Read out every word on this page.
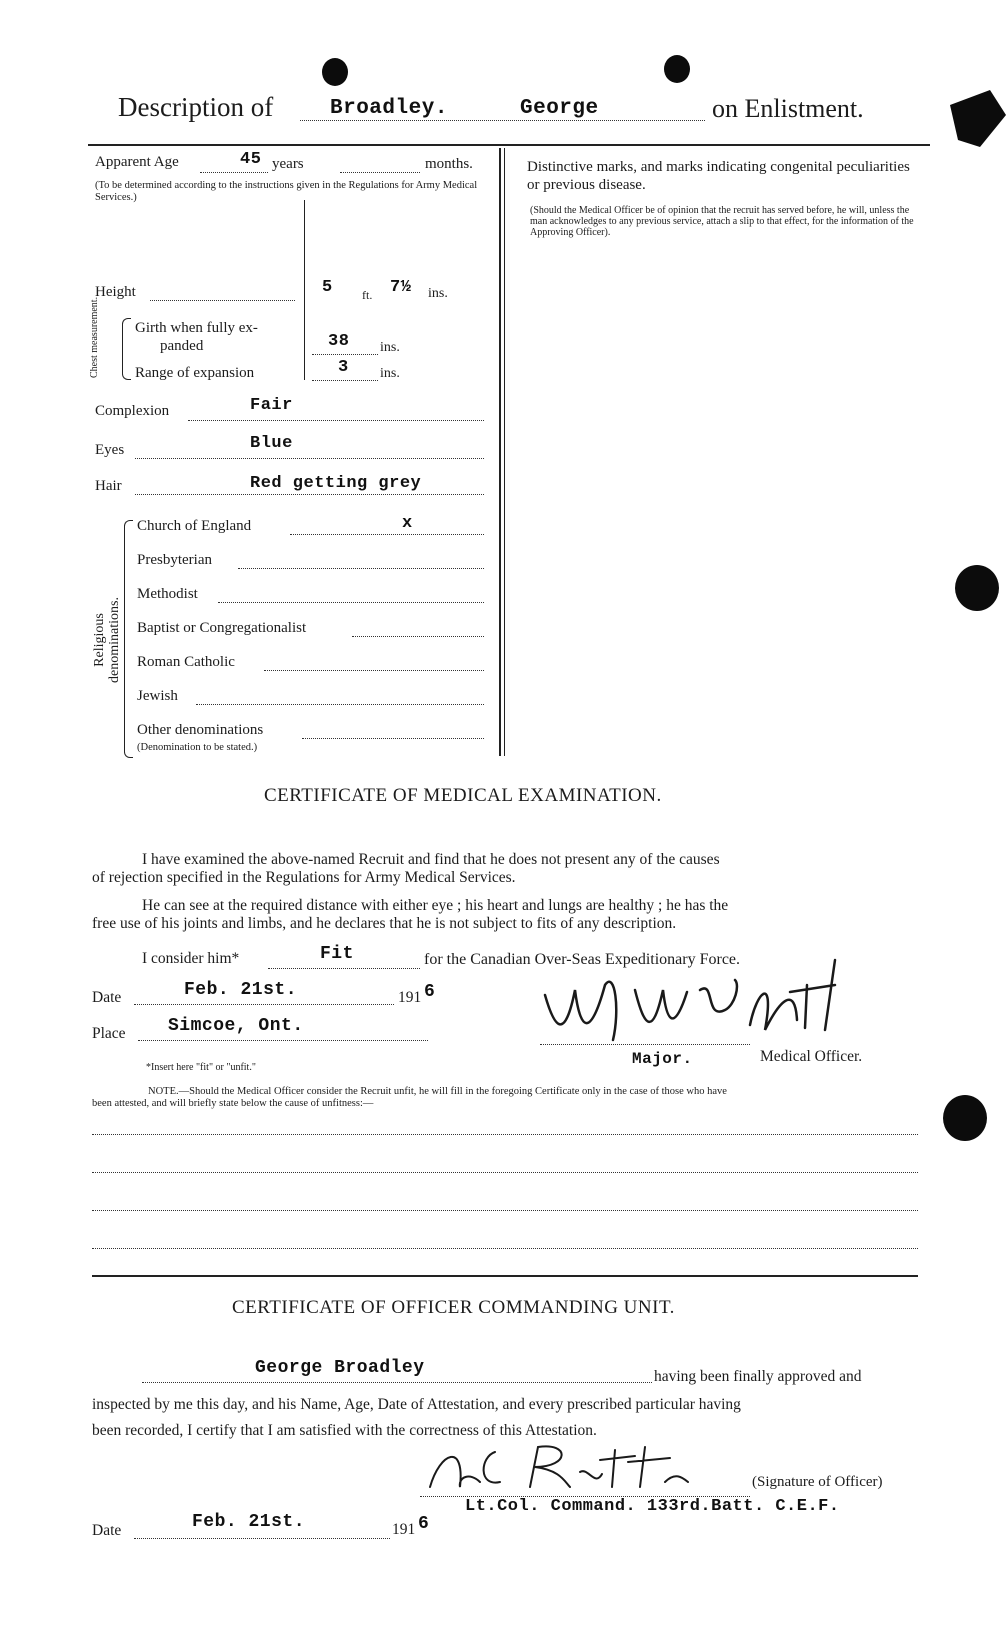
Description of	Broadley.	George	on Enlistment.
Apparent Age	45 years	months.
(To be determined according to the instructions given in the Regulations for Army Medical Services.)
Height	5 ft. 7½ ins.
Chest measurement. Girth when fully ex-
panded	38 ins.
Range of expansion	3 ins.
Complexion	Fair
Eyes	Blue
Hair	Red getting grey
Religious denominations.
Church of England	x
Presbyterian
Methodist
Baptist or Congregationalist
Roman Catholic
Jewish
Other denominations
(Denomination to be stated.)
Distinctive marks, and marks indicating congenital peculiarities or previous disease.
(Should the Medical Officer be of opinion that the recruit has served before, he will, unless the man acknowledges to any previous service, attach a slip to that effect, for the information of the Approving Officer).
CERTIFICATE OF MEDICAL EXAMINATION.
I have examined the above-named Recruit and find that he does not present any of the causes
of rejection specified in the Regulations for Army Medical Services.
He can see at the required distance with either eye ; his heart and lungs are healthy ; he has the
free use of his joints and limbs, and he declares that he is not subject to fits of any description.
I consider him*	Fit	for the Canadian Over-Seas Expeditionary Force.
Date	Feb. 21st.	191 6
Place Simcoe, Ont.
Major.	Medical Officer.
*Insert here "fit" or "unfit."
NOTE.—Should the Medical Officer consider the Recruit unfit, he will fill in the foregoing Certificate only in the case of those who have
been attested, and will briefly state below the cause of unfitness:—
CERTIFICATE OF OFFICER COMMANDING UNIT.
George Broadley	having been finally approved and
inspected by me this day, and his Name, Age, Date of Attestation, and every prescribed particular having
been recorded, I certify that I am satisfied with the correctness of this Attestation.
(Signature of Officer)
Lt.Col. Command. 133rd.Batt. C.E.F.
Date	Feb. 21st.	191 6
